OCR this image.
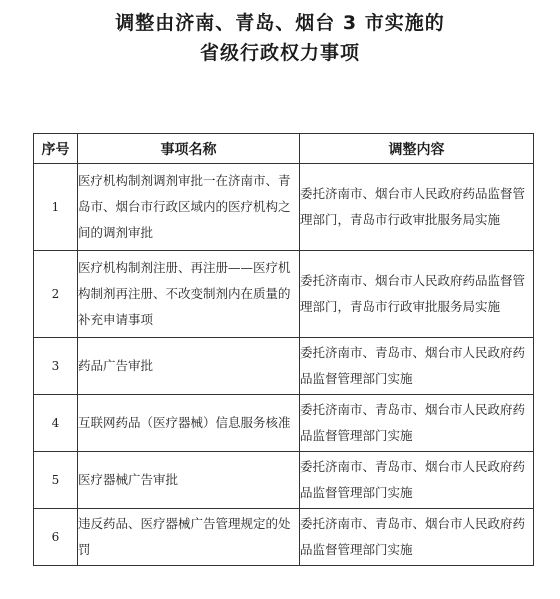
调整由济南、青岛、烟台 3 市实施的
省级行政权力事项
序号	事项名称	调整内容
1	医疗机构制剂调剂审批一在济南市、青岛市、烟台市行政区域内的医疗机构之间的调剂审批	委托济南市、烟台市人民政府药品监督管理部门，青岛市行政审批服务局实施
2	医疗机构制剂注册、再注册——医疗机构制剂再注册、不改变制剂内在质量的补充申请事项	委托济南市、烟台市人民政府药品监督管理部门，青岛市行政审批服务局实施
3	药品广告审批	委托济南市、青岛市、烟台市人民政府药品监督管理部门实施
4	互联网药品（医疗器械）信息服务核准	委托济南市、青岛市、烟台市人民政府药品监督管理部门实施
5	医疗器械广告审批	委托济南市、青岛市、烟台市人民政府药品监督管理部门实施
6	违反药品、医疗器械广告管理规定的处罚	委托济南市、青岛市、烟台市人民政府药品监督管理部门实施
